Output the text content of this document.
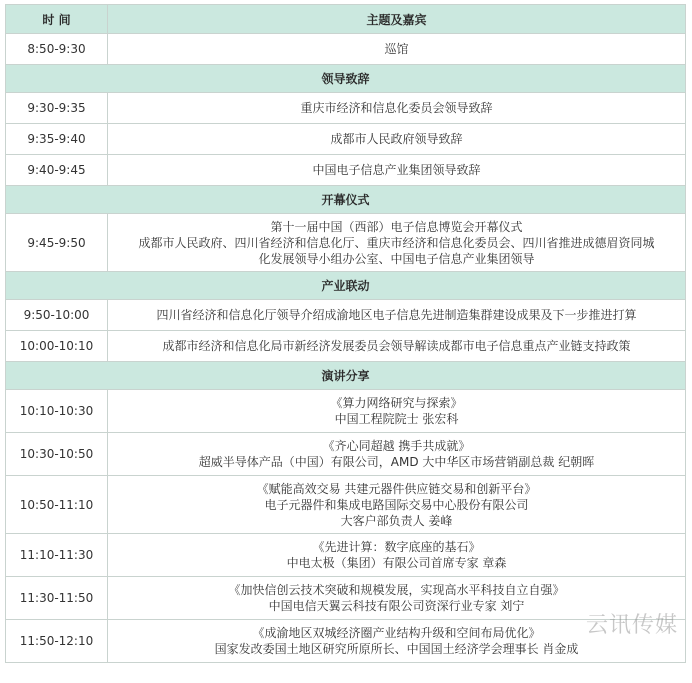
时 间	主题及嘉宾
8:50-9:30	巡馆

领导致辞	
9:30-9:35	重庆市经济和信息化委员会领导致辞

9:35-9:40	成都市人民政府领导致辞

9:40-9:45	中国电子信息产业集团领导致辞

开幕仪式	
9:45-9:50	第十一届中国（西部）电子信息博览会开幕仪式
成都市人民政府、四川省经济和信息化厅、重庆市经济和信息化委员会、四川省推进成德眉资同城
化发展领导小组办公室、中国电子信息产业集团领导

产业联动	
9:50-10:00	四川省经济和信息化厅领导介绍成渝地区电子信息先进制造集群建设成果及下一步推进打算

10:00-10:10	成都市经济和信息化局市新经济发展委员会领导解读成都市电子信息重点产业链支持政策

演讲分享	
10:10-10:30	《算力网络研究与探索》
中国工程院院士 张宏科

10:30-10:50	《齐心同超越 携手共成就》
超威半导体产品（中国）有限公司，AMD 大中华区市场营销副总裁 纪朝晖

10:50-11:10	《赋能高效交易 共建元器件供应链交易和创新平台》
电子元器件和集成电路国际交易中心股份有限公司
大客户部负责人 姜峰

11:10-11:30	《先进计算：数字底座的基石》
中电太极（集团）有限公司首席专家 章森

11:30-11:50	《加快信创云技术突破和规模发展，实现高水平科技自立自强》
中国电信天翼云科技有限公司资深行业专家 刘宁

11:50-12:10	《成渝地区双城经济圈产业结构升级和空间布局优化》
国家发改委国土地区研究所原所长、中国国土经济学会理事长 肖金成
云讯传媒
